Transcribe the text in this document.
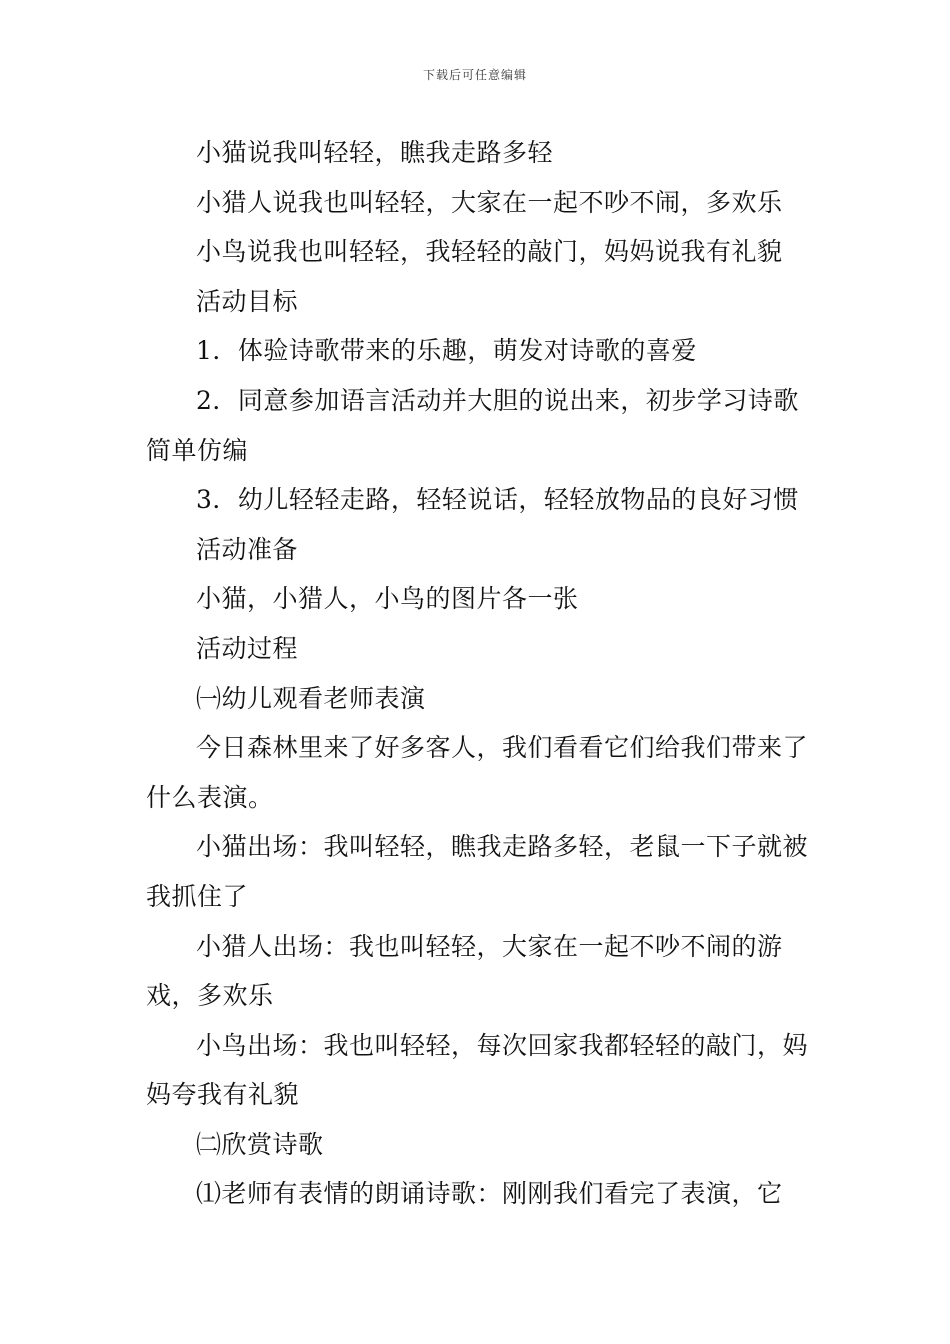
下载后可任意编辑

小猫说我叫轻轻，瞧我走路多轻

小猎人说我也叫轻轻，大家在一起不吵不闹，多欢乐

小鸟说我也叫轻轻，我轻轻的敲门，妈妈说我有礼貌

活动目标

1．体验诗歌带来的乐趣，萌发对诗歌的喜爱

2．同意参加语言活动并大胆的说出来，初步学习诗歌简单仿编

3．幼儿轻轻走路，轻轻说话，轻轻放物品的良好习惯

活动准备

小猫，小猎人，小鸟的图片各一张

活动过程

㈠幼儿观看老师表演

今日森林里来了好多客人，我们看看它们给我们带来了什么表演。

小猫出场：我叫轻轻，瞧我走路多轻，老鼠一下子就被我抓住了

小猎人出场：我也叫轻轻，大家在一起不吵不闹的游戏，多欢乐

小鸟出场：我也叫轻轻，每次回家我都轻轻的敲门，妈妈夸我有礼貌

㈡欣赏诗歌

⑴老师有表情的朗诵诗歌：刚刚我们看完了表演，它
